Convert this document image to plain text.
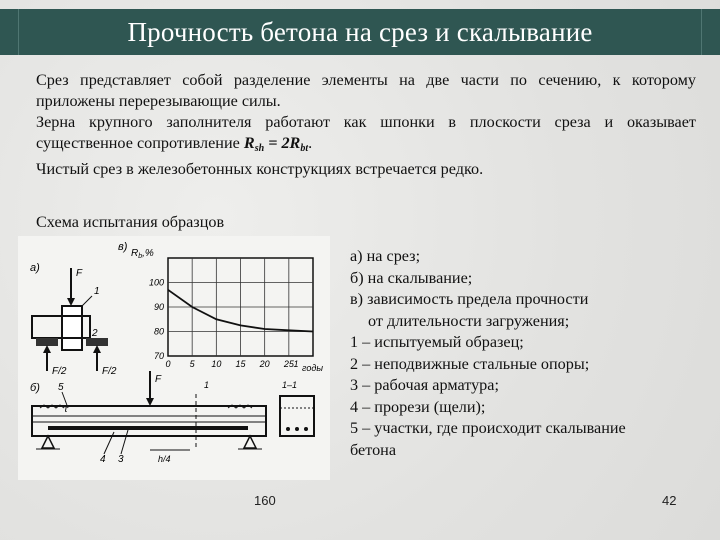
Прочность бетона на срез и скалывание

Срез представляет собой разделение элементы на две части по сечению, к которому приложены перерезывающие силы.

Зерна крупного заполнителя работают как шпонки в плоскости среза и оказывает существенное сопротивление $R_{sh} = 2R_{bt}$.

Чистый срез в железобетонных конструкциях встречается редко.

Схема испытания образцов
а)	F
1
2
F/2	F/2
в)
$R_b,\%$
100
90
80
70
0 5 10 15 20 25 1 годы
б) 5
F	1	1–1
τ
4 3	h/4
а) на срез;
б) на скалывание;
в) зависимость предела прочности
от длительности загружения;
1 – испытуемый образец;
2 – неподвижные стальные опоры;
3 – рабочая арматура;
4 – прорези (щели);
5 – участки, где происходит скалывание
бетона
160	42
